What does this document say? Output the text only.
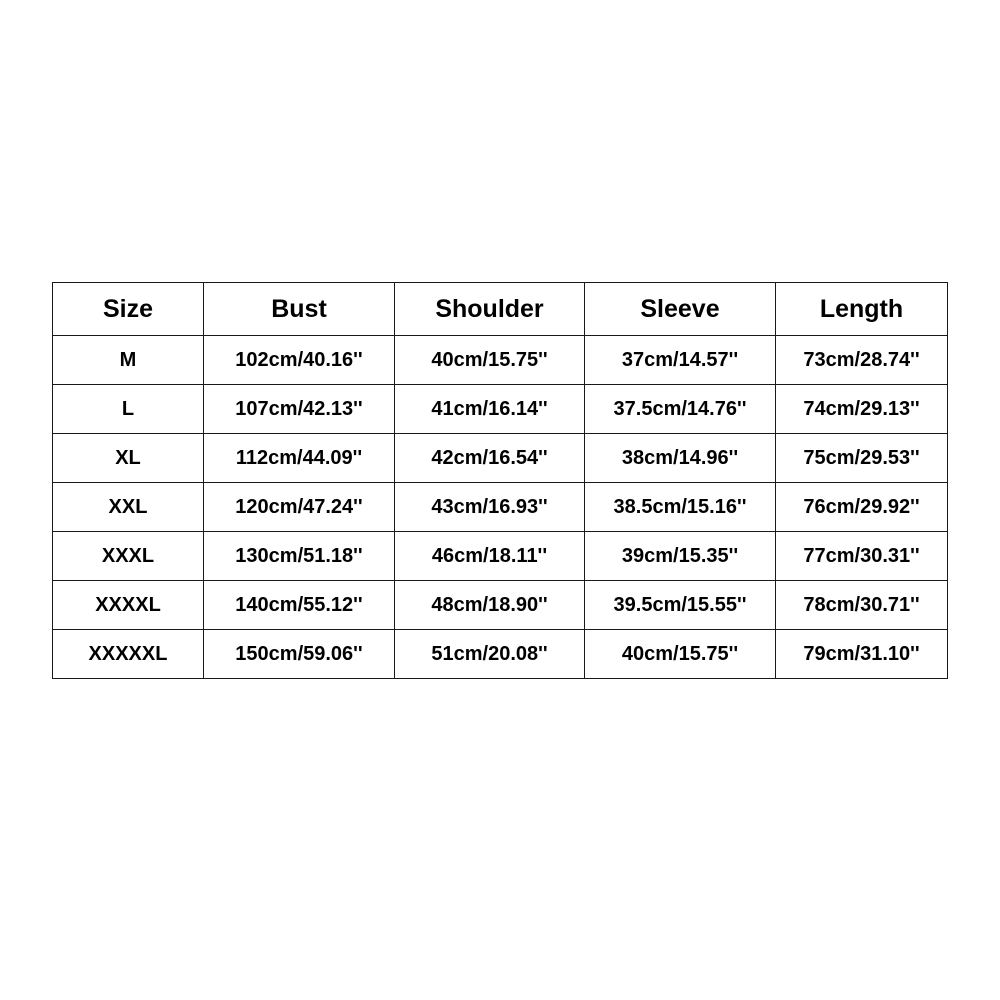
Size	Bust	Shoulder	Sleeve	Length
M	102cm/40.16''	40cm/15.75''	37cm/14.57''	73cm/28.74''
L	107cm/42.13''	41cm/16.14''	37.5cm/14.76''	74cm/29.13''
XL	112cm/44.09''	42cm/16.54''	38cm/14.96''	75cm/29.53''
XXL	120cm/47.24''	43cm/16.93''	38.5cm/15.16''	76cm/29.92''
XXXL	130cm/51.18''	46cm/18.11''	39cm/15.35''	77cm/30.31''
XXXXL	140cm/55.12''	48cm/18.90''	39.5cm/15.55''	78cm/30.71''
XXXXXL	150cm/59.06''	51cm/20.08''	40cm/15.75''	79cm/31.10''
